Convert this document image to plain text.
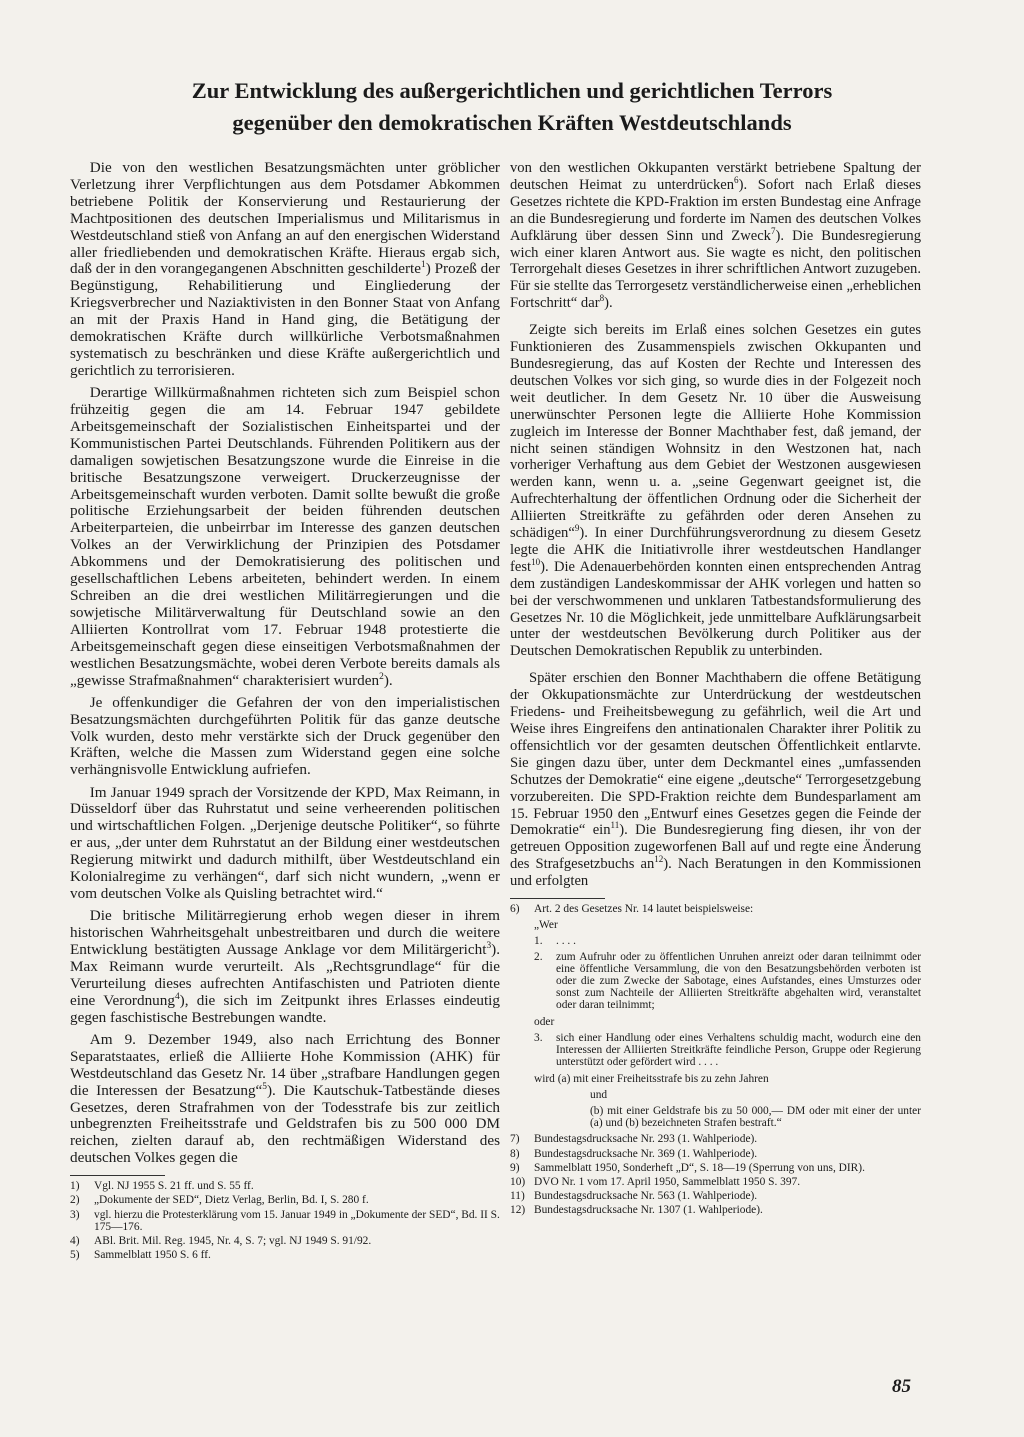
Zur Entwicklung des außergerichtlichen und gerichtlichen Terrors
gegenüber den demokratischen Kräften Westdeutschlands

Die von den westlichen Besatzungsmächten unter gröblicher Verletzung ihrer Verpflichtungen aus dem Potsdamer Abkommen betriebene Politik der Konservierung und Restaurierung der Machtpositionen des deutschen Imperialismus und Militarismus in Westdeutschland stieß von Anfang an auf den energischen Widerstand aller friedliebenden und demokratischen Kräfte. Hieraus ergab sich, daß der in den vorangegangenen Abschnitten geschilderte$^1$) Prozeß der Begünstigung, Rehabilitierung und Eingliederung der Kriegsverbrecher und Naziaktivisten in den Bonner Staat von Anfang an mit der Praxis Hand in Hand ging, die Betätigung der demokratischen Kräfte durch willkürliche Verbotsmaßnahmen systematisch zu beschränken und diese Kräfte außergerichtlich und gerichtlich zu terrorisieren.

Derartige Willkürmaßnahmen richteten sich zum Beispiel schon frühzeitig gegen die am 14. Februar 1947 gebildete Arbeitsgemeinschaft der Sozialistischen Einheitspartei und der Kommunistischen Partei Deutschlands. Führenden Politikern aus der damaligen sowjetischen Besatzungszone wurde die Einreise in die britische Besatzungszone verweigert. Druckerzeugnisse der Arbeitsgemeinschaft wurden verboten. Damit sollte bewußt die große politische Erziehungsarbeit der beiden führenden deutschen Arbeiterparteien, die unbeirrbar im Interesse des ganzen deutschen Volkes an der Verwirklichung der Prinzipien des Potsdamer Abkommens und der Demokratisierung des politischen und gesellschaftlichen Lebens arbeiteten, behindert werden. In einem Schreiben an die drei westlichen Militärregierungen und die sowjetische Militärverwaltung für Deutschland sowie an den Alliierten Kontrollrat vom 17. Februar 1948 protestierte die Arbeitsgemeinschaft gegen diese einseitigen Verbotsmaßnahmen der westlichen Besatzungsmächte, wobei deren Verbote bereits damals als „gewisse Strafmaßnahmen“ charakterisiert wurden$^2$).

Je offenkundiger die Gefahren der von den imperialistischen Besatzungsmächten durchgeführten Politik für das ganze deutsche Volk wurden, desto mehr verstärkte sich der Druck gegenüber den Kräften, welche die Massen zum Widerstand gegen eine solche verhängnisvolle Entwicklung aufriefen.

Im Januar 1949 sprach der Vorsitzende der KPD, Max Reimann, in Düsseldorf über das Ruhrstatut und seine verheerenden politischen und wirtschaftlichen Folgen. „Derjenige deutsche Politiker“, so führte er aus, „der unter dem Ruhrstatut an der Bildung einer westdeutschen Regierung mitwirkt und dadurch mithilft, über Westdeutschland ein Kolonialregime zu verhängen“, darf sich nicht wundern, „wenn er vom deutschen Volke als Quisling betrachtet wird.“

Die britische Militärregierung erhob wegen dieser in ihrem historischen Wahrheitsgehalt unbestreitbaren und durch die weitere Entwicklung bestätigten Aussage Anklage vor dem Militärgericht$^3$). Max Reimann wurde verurteilt. Als „Rechtsgrundlage“ für die Verurteilung dieses aufrechten Antifaschisten und Patrioten diente eine Verordnung$^4$), die sich im Zeitpunkt ihres Erlasses eindeutig gegen faschistische Bestrebungen wandte.

Am 9. Dezember 1949, also nach Errichtung des Bonner Separatstaates, erließ die Alliierte Hohe Kommission (AHK) für Westdeutschland das Gesetz Nr. 14 über „strafbare Handlungen gegen die Interessen der Besatzung“$^5$). Die Kautschuk-Tatbestände dieses Gesetzes, deren Strafrahmen von der Todesstrafe bis zur zeitlich unbegrenzten Freiheitsstrafe und Geldstrafen bis zu 500 000 DM reichen, zielten darauf ab, den rechtmäßigen Widerstand des deutschen Volkes gegen die

1)	Vgl. NJ 1955 S. 21 ff. und S. 55 ff.
2)	„Dokumente der SED“, Dietz Verlag, Berlin, Bd. I, S. 280 f.
3)	vgl. hierzu die Protesterklärung vom 15. Januar 1949 in „Dokumente der SED“, Bd. II S. 175—176.
4)	ABl. Brit. Mil. Reg. 1945, Nr. 4, S. 7; vgl. NJ 1949 S. 91/92.
5)	Sammelblatt 1950 S. 6 ff.

von den westlichen Okkupanten verstärkt betriebene Spaltung der deutschen Heimat zu unterdrücken$^6$). Sofort nach Erlaß dieses Gesetzes richtete die KPD-Fraktion im ersten Bundestag eine Anfrage an die Bundesregierung und forderte im Namen des deutschen Volkes Aufklärung über dessen Sinn und Zweck$^7$). Die Bundesregierung wich einer klaren Antwort aus. Sie wagte es nicht, den politischen Terrorgehalt dieses Gesetzes in ihrer schriftlichen Antwort zuzugeben. Für sie stellte das Terrorgesetz verständlicherweise einen „erheblichen Fortschritt“ dar$^8$).

Zeigte sich bereits im Erlaß eines solchen Gesetzes ein gutes Funktionieren des Zusammenspiels zwischen Okkupanten und Bundesregierung, das auf Kosten der Rechte und Interessen des deutschen Volkes vor sich ging, so wurde dies in der Folgezeit noch weit deutlicher. In dem Gesetz Nr. 10 über die Ausweisung unerwünschter Personen legte die Alliierte Hohe Kommission zugleich im Interesse der Bonner Machthaber fest, daß jemand, der nicht seinen ständigen Wohnsitz in den Westzonen hat, nach vorheriger Verhaftung aus dem Gebiet der Westzonen ausgewiesen werden kann, wenn u. a. „seine Gegenwart geeignet ist, die Aufrechterhaltung der öffentlichen Ordnung oder die Sicherheit der Alliierten Streitkräfte zu gefährden oder deren Ansehen zu schädigen“$^9$). In einer Durchführungsverordnung zu diesem Gesetz legte die AHK die Initiativrolle ihrer westdeutschen Handlanger fest$^{10}$). Die Adenauerbehörden konnten einen entsprechenden Antrag dem zuständigen Landeskommissar der AHK vorlegen und hatten so bei der verschwommenen und unklaren Tatbestandsformulierung des Gesetzes Nr. 10 die Möglichkeit, jede unmittelbare Aufklärungsarbeit unter der westdeutschen Bevölkerung durch Politiker aus der Deutschen Demokratischen Republik zu unterbinden.

Später erschien den Bonner Machthabern die offene Betätigung der Okkupationsmächte zur Unterdrückung der westdeutschen Friedens- und Freiheitsbewegung zu gefährlich, weil die Art und Weise ihres Eingreifens den antinationalen Charakter ihrer Politik zu offensichtlich vor der gesamten deutschen Öffentlichkeit entlarvte. Sie gingen dazu über, unter dem Deckmantel eines „umfassenden Schutzes der Demokratie“ eine eigene „deutsche“ Terrorgesetzgebung vorzubereiten. Die SPD-Fraktion reichte dem Bundesparlament am 15. Februar 1950 den „Entwurf eines Gesetzes gegen die Feinde der Demokratie“ ein$^{11}$). Die Bundesregierung fing diesen, ihr von der getreuen Opposition zugeworfenen Ball auf und regte eine Änderung des Strafgesetzbuchs $an^{12}$). Nach Beratungen in den Kommissionen und erfolgten

6)	Art. 2 des Gesetzes Nr. 14 lautet beispielsweise:
„Wer
1.	. . . .
2.	zum Aufruhr oder zu öffentlichen Unruhen anreizt oder daran teilnimmt oder eine öffentliche Versammlung, die von den Besatzungsbehörden verboten ist oder die zum Zwecke der Sabotage, eines Aufstandes, eines Umsturzes oder sonst zum Nachteile der Alliierten Streitkräfte abgehalten wird, veranstaltet oder daran teilnimmt;
oder
3.	sich einer Handlung oder eines Verhaltens schuldig macht, wodurch eine den Interessen der Alliierten Streitkräfte feindliche Person, Gruppe oder Regierung unterstützt oder gefördert wird . . . .
wird (a) mit einer Freiheitsstrafe bis zu zehn Jahren
und
(b) mit einer Geldstrafe bis zu 50 000,— DM oder mit einer der unter (a) und (b) bezeichneten Strafen bestraft.“
7)	Bundestagsdrucksache Nr. 293 (1. Wahlperiode).
8)	Bundestagsdrucksache Nr. 369 (1. Wahlperiode).
9)	Sammelblatt 1950, Sonderheft „D“, S. 18—19 (Sperrung von uns, DIR).
10) DVO Nr. 1 vom 17. April 1950, Sammelblatt 1950 S. 397.
11) Bundestagsdrucksache Nr. 563 (1. Wahlperiode).
12) Bundestagsdrucksache Nr. 1307 (1. Wahlperiode).
85
